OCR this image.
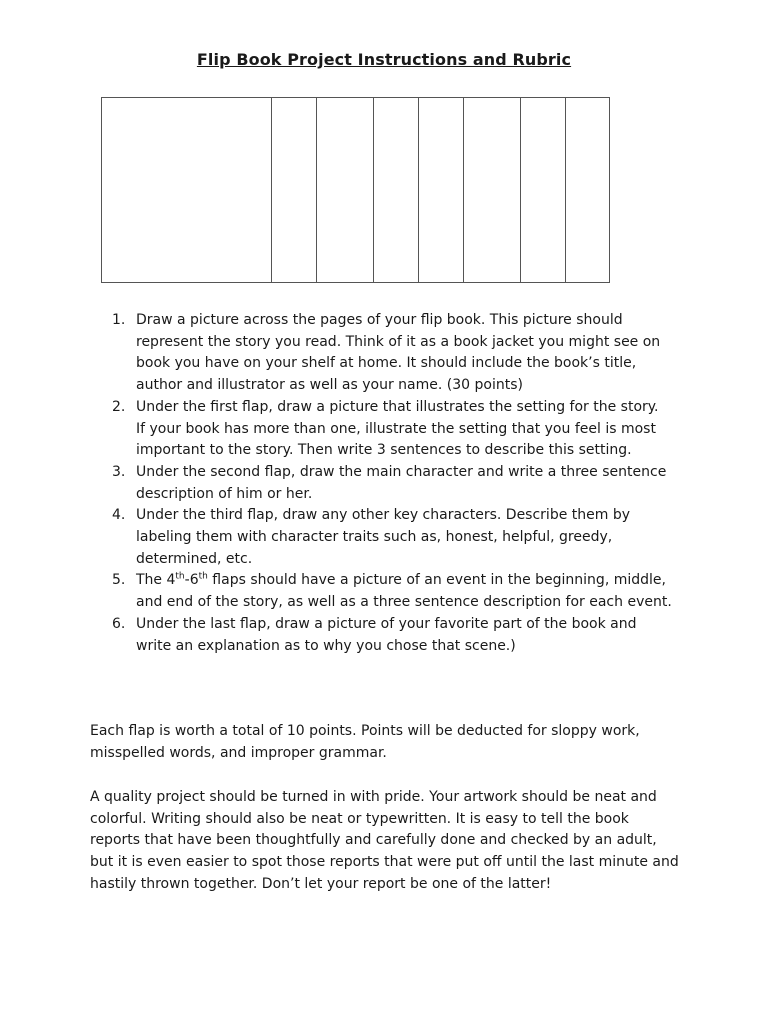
Flip Book Project Instructions and Rubric
1. Draw a picture across the pages of your flip book. This picture should represent the story you read. Think of it as a book jacket you might see on book you have on your shelf at home. It should include the book’s title, author and illustrator as well as your name. (30 points)
2. Under the first flap, draw a picture that illustrates the setting for the story. If your book has more than one, illustrate the setting that you feel is most important to the story. Then write 3 sentences to describe this setting.
3. Under the second flap, draw the main character and write a three sentence description of him or her.
4. Under the third flap, draw any other key characters. Describe them by labeling them with character traits such as, honest, helpful, greedy, determined, etc.
5. The 4th-6th flaps should have a picture of an event in the beginning, middle, and end of the story, as well as a three sentence description for each event.
6. Under the last flap, draw a picture of your favorite part of the book and write an explanation as to why you chose that scene.)

Each flap is worth a total of 10 points. Points will be deducted for sloppy work, misspelled words, and improper grammar.

A quality project should be turned in with pride. Your artwork should be neat and colorful. Writing should also be neat or typewritten. It is easy to tell the book reports that have been thoughtfully and carefully done and checked by an adult, but it is even easier to spot those reports that were put off until the last minute and hastily thrown together. Don’t let your report be one of the latter!
